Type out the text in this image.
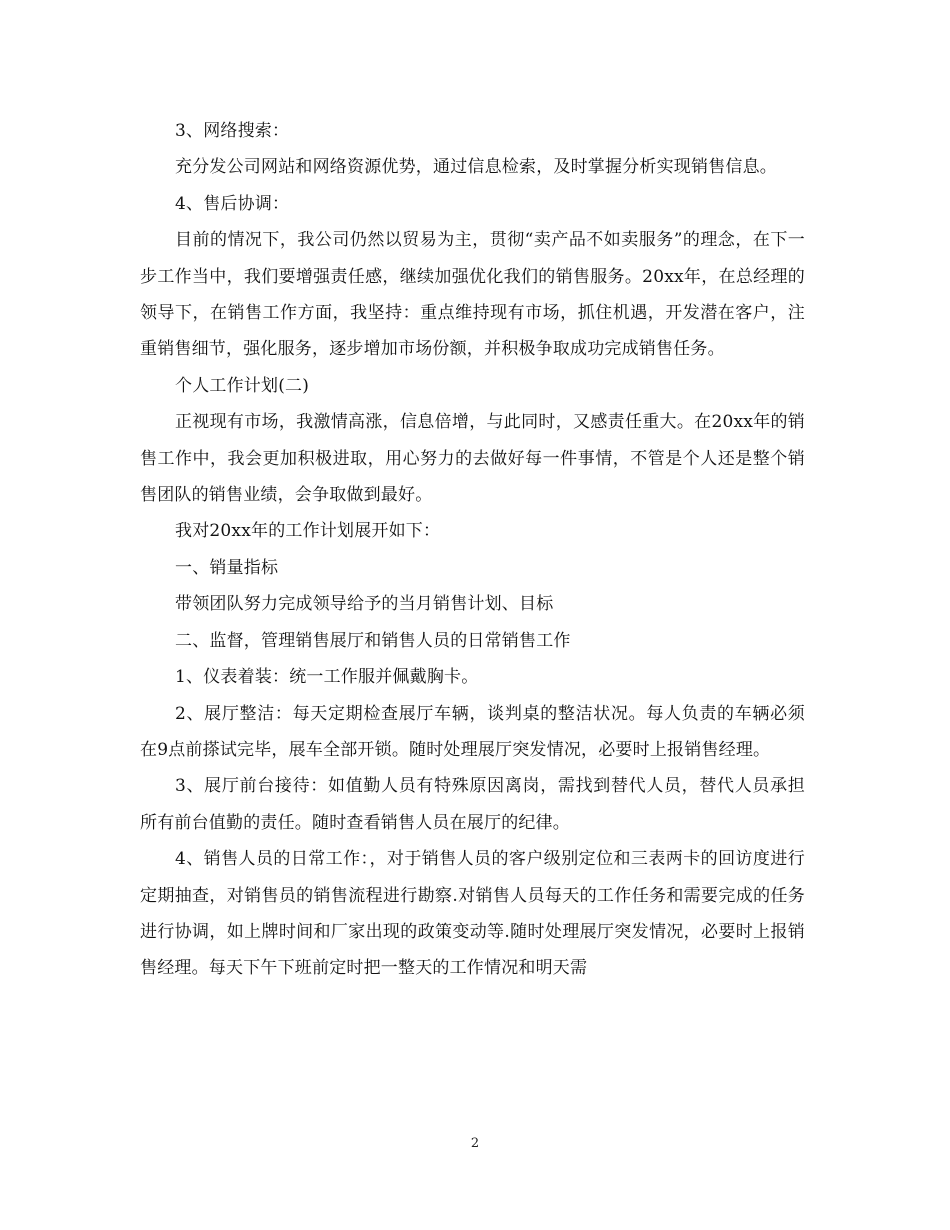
3、网络搜索：

充分发公司网站和网络资源优势，通过信息检索，及时掌握分析实现销售信息。

4、售后协调：

目前的情况下，我公司仍然以贸易为主，贯彻“卖产品不如卖服务”的理念，在下一步工作当中，我们要增强责任感，继续加强优化我们的销售服务。20xx年，在总经理的领导下，在销售工作方面，我坚持：重点维持现有市场，抓住机遇，开发潜在客户，注重销售细节，强化服务，逐步增加市场份额，并积极争取成功完成销售任务。

个人工作计划(二)

正视现有市场，我激情高涨，信息倍增，与此同时，又感责任重大。在20xx年的销售工作中，我会更加积极进取，用心努力的去做好每一件事情，不管是个人还是整个销售团队的销售业绩，会争取做到最好。

我对20xx年的工作计划展开如下：

一、销量指标

带领团队努力完成领导给予的当月销售计划、目标

二、监督，管理销售展厅和销售人员的日常销售工作

1、仪表着装：统一工作服并佩戴胸卡。

2、展厅整洁：每天定期检查展厅车辆，谈判桌的整洁状况。每人负责的车辆必须在9点前搽试完毕，展车全部开锁。随时处理展厅突发情况，必要时上报销售经理。

3、展厅前台接待：如值勤人员有特殊原因离岗，需找到替代人员，替代人员承担所有前台值勤的责任。随时查看销售人员在展厅的纪律。

4、销售人员的日常工作：，对于销售人员的客户级别定位和三表两卡的回访度进行定期抽查，对销售员的销售流程进行勘察.对销售人员每天的工作任务和需要完成的任务进行协调，如上牌时间和厂家出现的政策变动等.随时处理展厅突发情况，必要时上报销售经理。每天下午下班前定时把一整天的工作情况和明天需

2
